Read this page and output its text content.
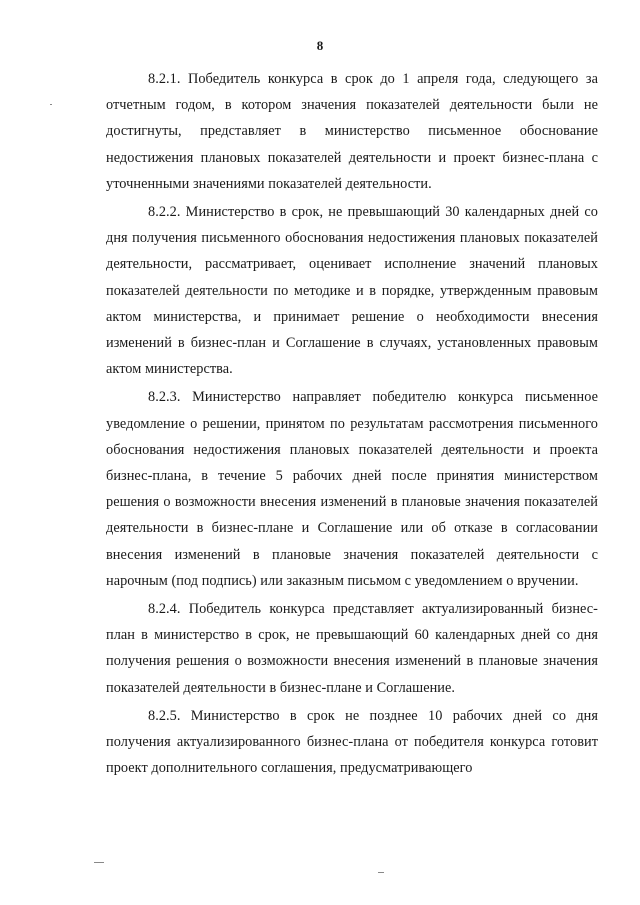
8

8.2.1. Победитель конкурса в срок до 1 апреля года, следующего за отчетным годом, в котором значения показателей деятельности были не достигнуты, представляет в министерство письменное обоснование недостижения плановых показателей деятельности и проект бизнес-плана с уточненными значениями показателей деятельности.

8.2.2. Министерство в срок, не превышающий 30 календарных дней со дня получения письменного обоснования недостижения плановых показателей деятельности, рассматривает, оценивает исполнение значений плановых показателей деятельности по методике и в порядке, утвержденным правовым актом министерства, и принимает решение о необходимости внесения изменений в бизнес-план и Соглашение в случаях, установленных правовым актом министерства.

8.2.3. Министерство направляет победителю конкурса письменное уведомление о решении, принятом по результатам рассмотрения письменного обоснования недостижения плановых показателей деятельности и проекта бизнес-плана, в течение 5 рабочих дней после принятия министерством решения о возможности внесения изменений в плановые значения показателей деятельности в бизнес-плане и Соглашение или об отказе в согласовании внесения изменений в плановые значения показателей деятельности с нарочным (под подпись) или заказным письмом с уведомлением о вручении.

8.2.4. Победитель конкурса представляет актуализированный бизнес-план в министерство в срок, не превышающий 60 календарных дней со дня получения решения о возможности внесения изменений в плановые значения показателей деятельности в бизнес-плане и Соглашение.

8.2.5. Министерство в срок не позднее 10 рабочих дней со дня получения актуализированного бизнес-плана от победителя конкурса готовит проект дополнительного соглашения, предусматривающего
